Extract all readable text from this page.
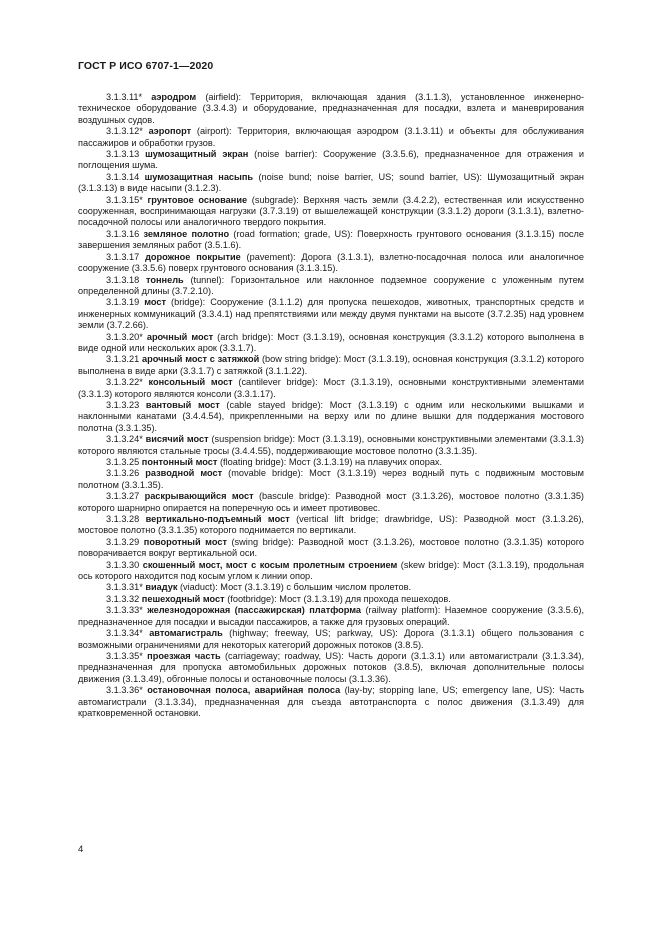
ГОСТ Р ИСО 6707-1—2020

3.1.3.11* аэродром (airfield): Территория, включающая здания (3.1.1.3), установленное инженерно-техническое оборудование (3.3.4.3) и оборудование, предназначенная для посадки, взлета и маневрирования воздушных судов.

3.1.3.12* аэропорт (airport): Территория, включающая аэродром (3.1.3.11) и объекты для обслуживания пассажиров и обработки грузов.

3.1.3.13 шумозащитный экран (noise barrier): Сооружение (3.3.5.6), предназначенное для отражения и поглощения шума.

3.1.3.14 шумозащитная насыпь (noise bund; noise barrier, US; sound barrier, US): Шумозащитный экран (3.1.3.13) в виде насыпи (3.1.2.3).

3.1.3.15* грунтовое основание (subgrade): Верхняя часть земли (3.4.2.2), естественная или искусственно сооруженная, воспринимающая нагрузки (3.7.3.19) от вышележащей конструкции (3.3.1.2) дороги (3.1.3.1), взлетно-посадочной полосы или аналогичного твердого покрытия.

3.1.3.16 земляное полотно (road formation; grade, US): Поверхность грунтового основания (3.1.3.15) после завершения земляных работ (3.5.1.6).

3.1.3.17 дорожное покрытие (pavement): Дорога (3.1.3.1), взлетно-посадочная полоса или аналогичное сооружение (3.3.5.6) поверх грунтового основания (3.1.3.15).

3.1.3.18 тоннель (tunnel): Горизонтальное или наклонное подземное сооружение с уложенным путем определенной длины (3.7.2.10).

3.1.3.19 мост (bridge): Сооружение (3.1.1.2) для пропуска пешеходов, животных, транспортных средств и инженерных коммуникаций (3.3.4.1) над препятствиями или между двумя пунктами на высоте (3.7.2.35) над уровнем земли (3.7.2.66).

3.1.3.20* арочный мост (arch bridge): Мост (3.1.3.19), основная конструкция (3.3.1.2) которого выполнена в виде одной или нескольких арок (3.3.1.7).

3.1.3.21 арочный мост с затяжкой (bow string bridge): Мост (3.1.3.19), основная конструкция (3.3.1.2) которого выполнена в виде арки (3.3.1.7) с затяжкой (3.1.1.22).

3.1.3.22* консольный мост (cantilever bridge): Мост (3.1.3.19), основными конструктивными элементами (3.3.1.3) которого являются консоли (3.3.1.17).

3.1.3.23 вантовый мост (cable stayed bridge): Мост (3.1.3.19) с одним или несколькими вышками и наклонными канатами (3.4.4.54), прикрепленными на верху или по длине вышки для поддержания мостового полотна (3.3.1.35).

3.1.3.24* висячий мост (suspension bridge): Мост (3.1.3.19), основными конструктивными элементами (3.3.1.3) которого являются стальные тросы (3.4.4.55), поддерживающие мостовое полотно (3.3.1.35).

3.1.3.25 понтонный мост (floating bridge): Мост (3.1.3.19) на плавучих опорах.

3.1.3.26 разводной мост (movable bridge): Мост (3.1.3.19) через водный путь с подвижным мостовым полотном (3.3.1.35).

3.1.3.27 раскрывающийся мост (bascule bridge): Разводной мост (3.1.3.26), мостовое полотно (3.3.1.35) которого шарнирно опирается на поперечную ось и имеет противовес.

3.1.3.28 вертикально-подъемный мост (vertical lift bridge; drawbridge, US): Разводной мост (3.1.3.26), мостовое полотно (3.3.1.35) которого поднимается по вертикали.

3.1.3.29 поворотный мост (swing bridge): Разводной мост (3.1.3.26), мостовое полотно (3.3.1.35) которого поворачивается вокруг вертикальной оси.

3.1.3.30 скошенный мост, мост с косым пролетным строением (skew bridge): Мост (3.1.3.19), продольная ось которого находится под косым углом к линии опор.

3.1.3.31* виадук (viaduct): Мост (3.1.3.19) с большим числом пролетов.

3.1.3.32 пешеходный мост (footbridge): Мост (3.1.3.19) для прохода пешеходов.

3.1.3.33* железнодорожная (пассажирская) платформа (railway platform): Наземное сооружение (3.3.5.6), предназначенное для посадки и высадки пассажиров, а также для грузовых операций.

3.1.3.34* автомагистраль (highway; freeway, US; parkway, US): Дорога (3.1.3.1) общего пользования с возможными ограничениями для некоторых категорий дорожных потоков (3.8.5).

3.1.3.35* проезжая часть (carriageway; roadway, US): Часть дороги (3.1.3.1) или автомагистрали (3.1.3.34), предназначенная для пропуска автомобильных дорожных потоков (3.8.5), включая дополнительные полосы движения (3.1.3.49), обгонные полосы и остановочные полосы (3.1.3.36).

3.1.3.36* остановочная полоса, аварийная полоса (lay-by; stopping lane, US; emergency lane, US): Часть автомагистрали (3.1.3.34), предназначенная для съезда автотранспорта с полос движения (3.1.3.49) для кратковременной остановки.

4
